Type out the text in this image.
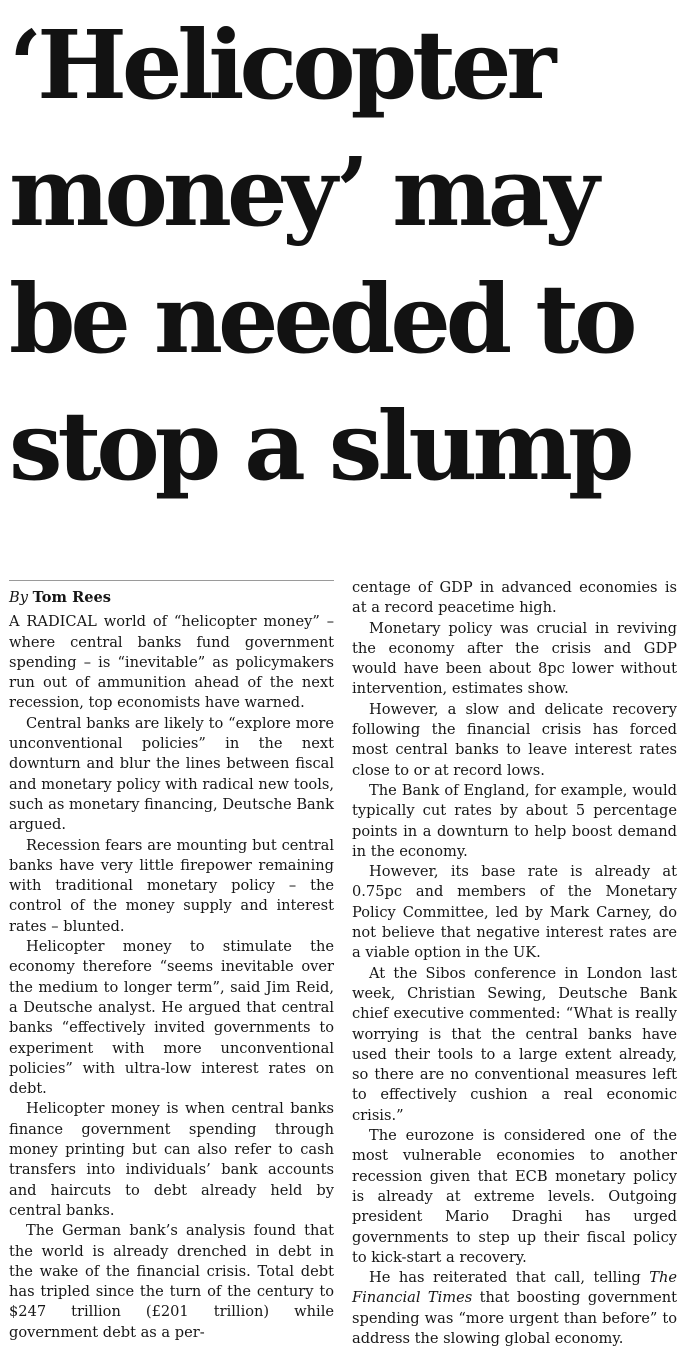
‘Helicopter money’ may be needed to stop a slump
By Tom Rees

A RADICAL world of “helicopter money” – where central banks fund government spending – is “inevitable” as policymakers run out of ammunition ahead of the next recession, top economists have warned.

Central banks are likely to “explore more unconventional policies” in the next downturn and blur the lines between fiscal and monetary policy with radical new tools, such as monetary financing, Deutsche Bank argued.

Recession fears are mounting but central banks have very little firepower remaining with traditional monetary policy – the control of the money supply and interest rates – blunted.

Helicopter money to stimulate the economy therefore “seems inevitable over the medium to longer term”, said Jim Reid, a Deutsche analyst. He argued that central banks “effectively invited governments to experiment with more unconventional policies” with ultra-low interest rates on debt.

Helicopter money is when central banks finance government spending through money printing but can also refer to cash transfers into individuals’ bank accounts and haircuts to debt already held by central banks.

The German bank’s analysis found that the world is already drenched in debt in the wake of the financial crisis. Total debt has tripled since the turn of the century to $247 trillion (£201 trillion) while government debt as a per-

centage of GDP in advanced economies is at a record peacetime high.

Monetary policy was crucial in reviving the economy after the crisis and GDP would have been about 8pc lower without intervention, estimates show.

However, a slow and delicate recovery following the financial crisis has forced most central banks to leave interest rates close to or at record lows.

The Bank of England, for example, would typically cut rates by about 5 percentage points in a downturn to help boost demand in the economy.

However, its base rate is already at 0.75pc and members of the Monetary Policy Committee, led by Mark Carney, do not believe that negative interest rates are a viable option in the UK.

At the Sibos conference in London last week, Christian Sewing, Deutsche Bank chief executive commented: “What is really worrying is that the central banks have used their tools to a large extent already, so there are no conventional measures left to effectively cushion a real economic crisis.”

The eurozone is considered one of the most vulnerable economies to another recession given that ECB monetary policy is already at extreme levels. Outgoing president Mario Draghi has urged governments to step up their fiscal policy to kick-start a recovery.

He has reiterated that call, telling The Financial Times that boosting government spending was “more urgent than before” to address the slowing global economy.
